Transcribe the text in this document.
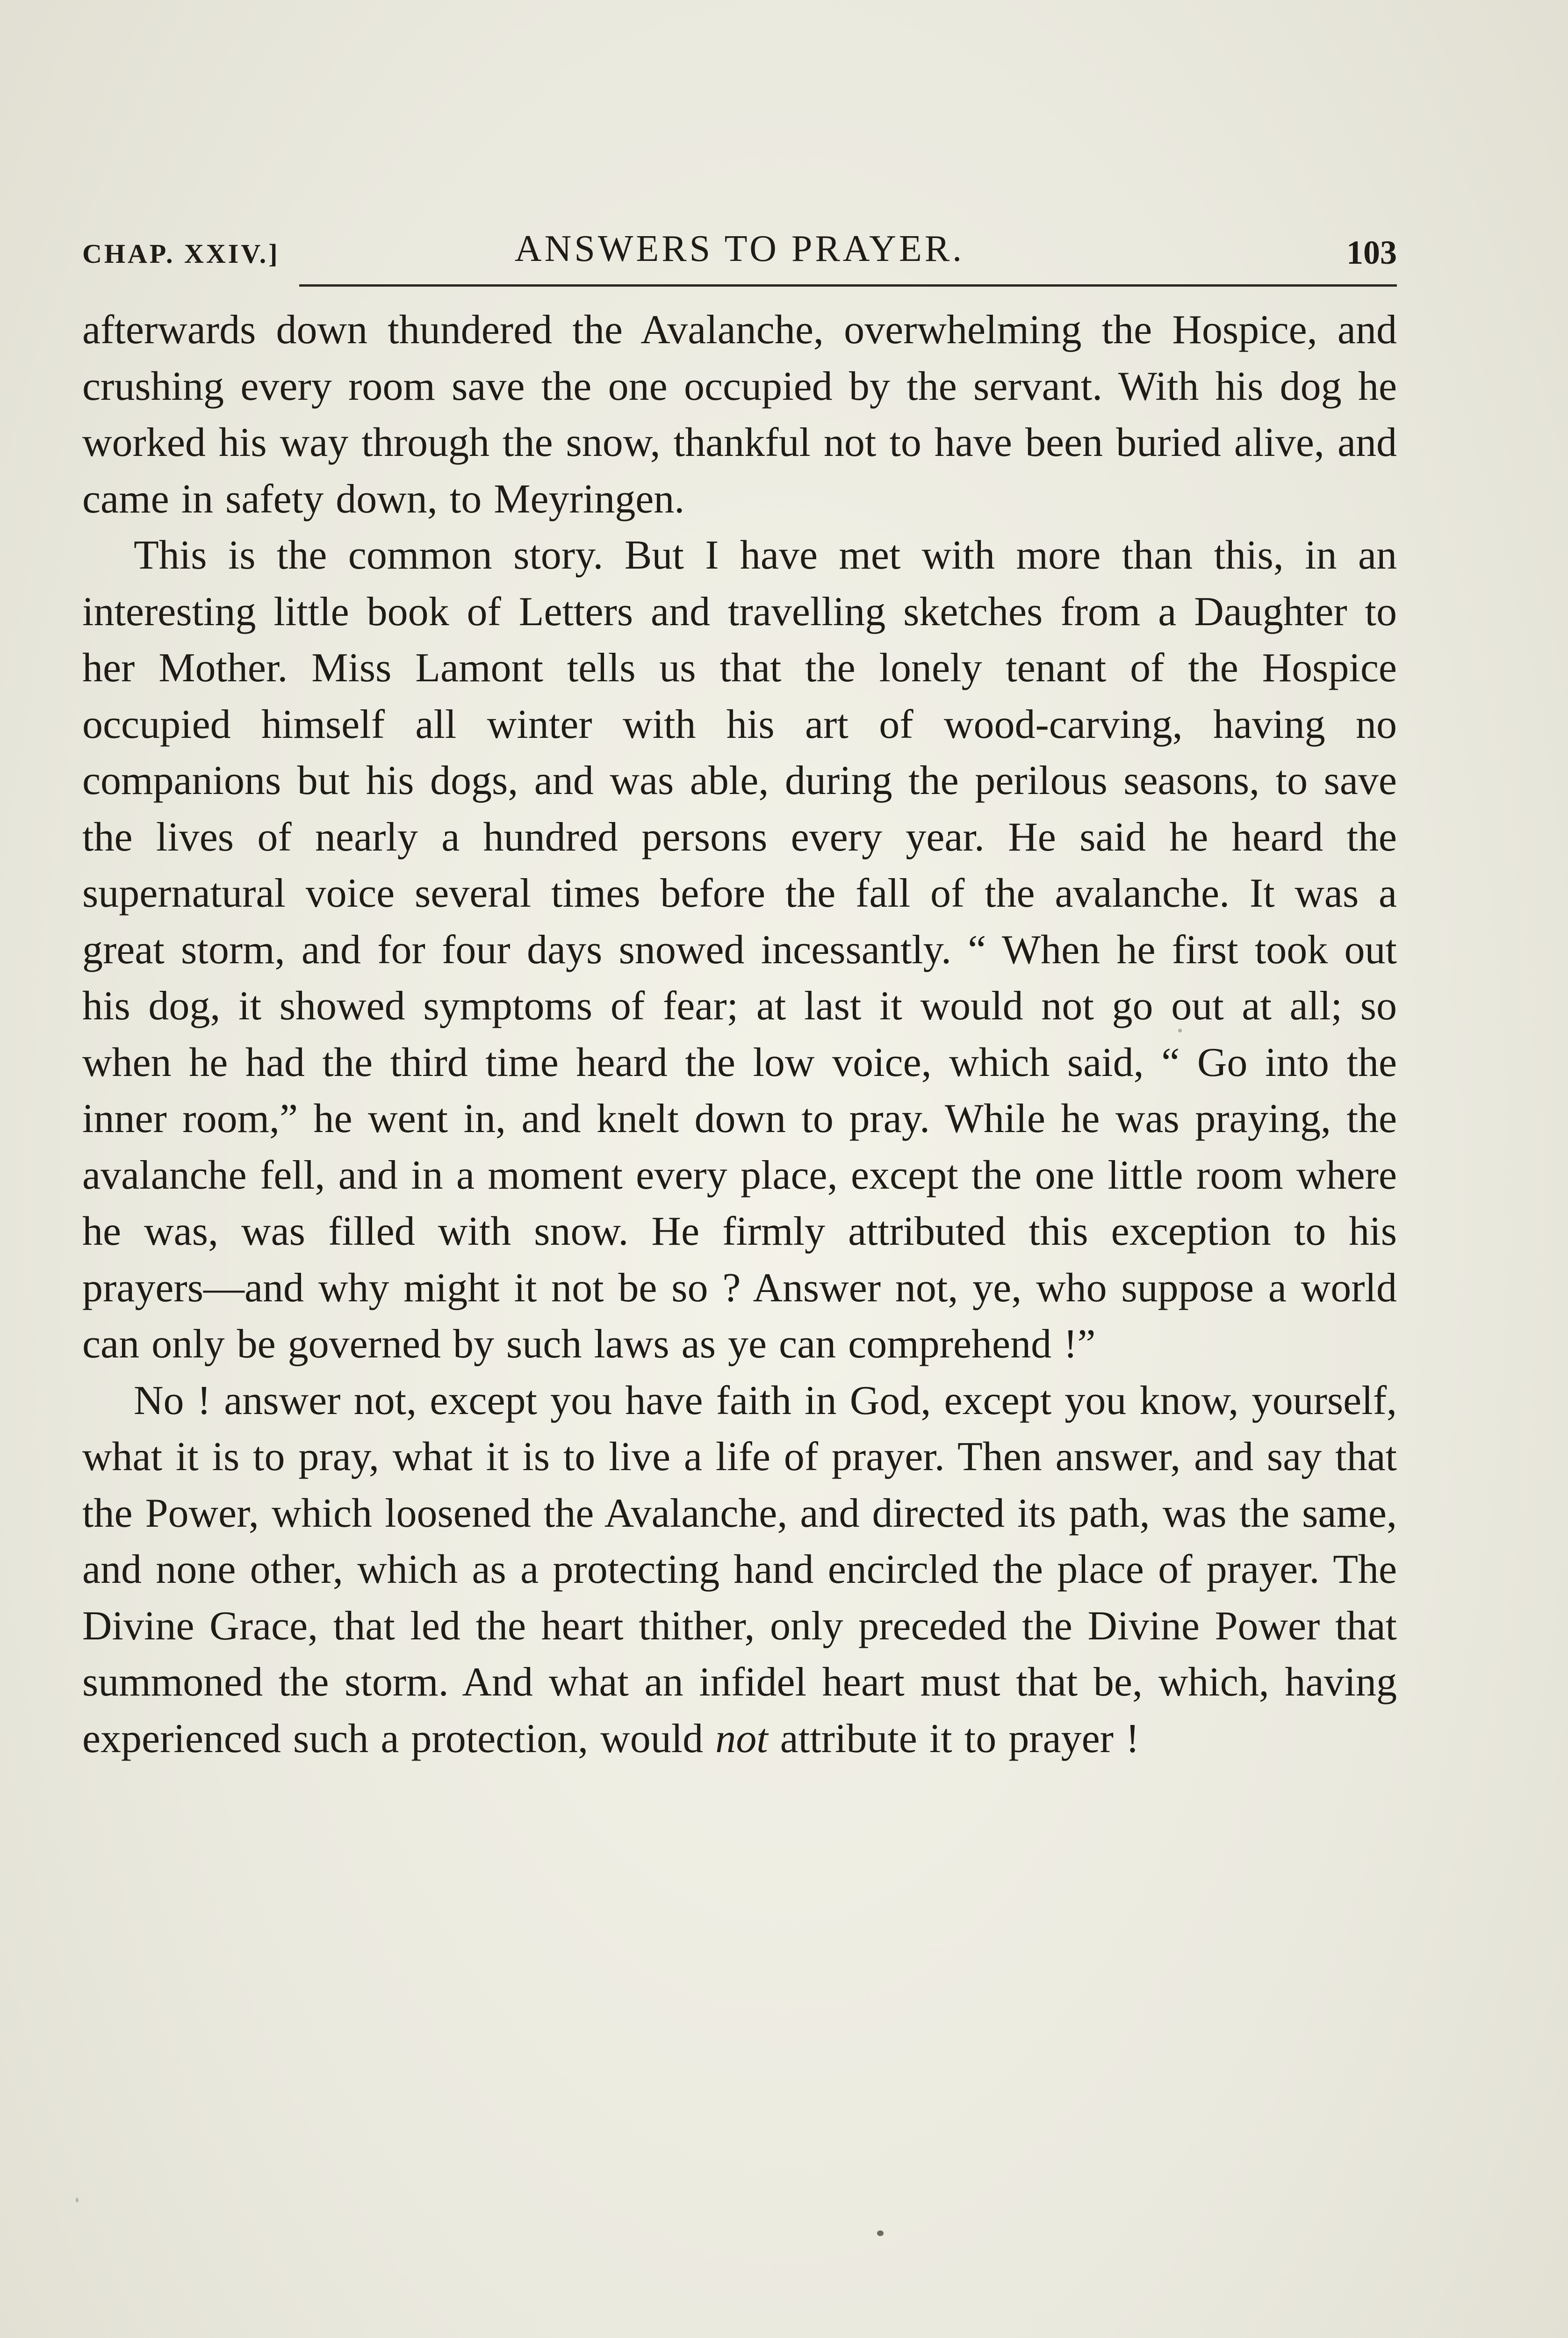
CHAP. XXIV.]	ANSWERS TO PRAYER.	103

afterwards down thundered the Avalanche, overwhelming the Hospice, and crushing every room save the one occupied by the servant. With his dog he worked his way through the snow, thankful not to have been buried alive, and came in safety down, to Meyringen.

This is the common story. But I have met with more than this, in an interesting little book of Letters and travelling sketches from a Daughter to her Mother. Miss Lamont tells us that the lonely tenant of the Hospice occupied himself all winter with his art of wood-carving, having no companions but his dogs, and was able, during the perilous seasons, to save the lives of nearly a hundred persons every year. He said he heard the supernatural voice several times before the fall of the avalanche. It was a great storm, and for four days snowed incessantly. “ When he first took out his dog, it showed symptoms of fear; at last it would not go out at all; so when he had the third time heard the low voice, which said, “ Go into the inner room,” he went in, and knelt down to pray. While he was praying, the avalanche fell, and in a moment every place, except the one little room where he was, was filled with snow. He firmly attributed this exception to his prayers—and why might it not be so ? Answer not, ye, who suppose a world can only be governed by such laws as ye can comprehend !”

No ! answer not, except you have faith in God, except you know, yourself, what it is to pray, what it is to live a life of prayer. Then answer, and say that the Power, which loosened the Avalanche, and directed its path, was the same, and none other, which as a protecting hand encircled the place of prayer. The Divine Grace, that led the heart thither, only preceded the Divine Power that summoned the storm. And what an infidel heart must that be, which, having experienced such a protection, would not attribute it to prayer !
